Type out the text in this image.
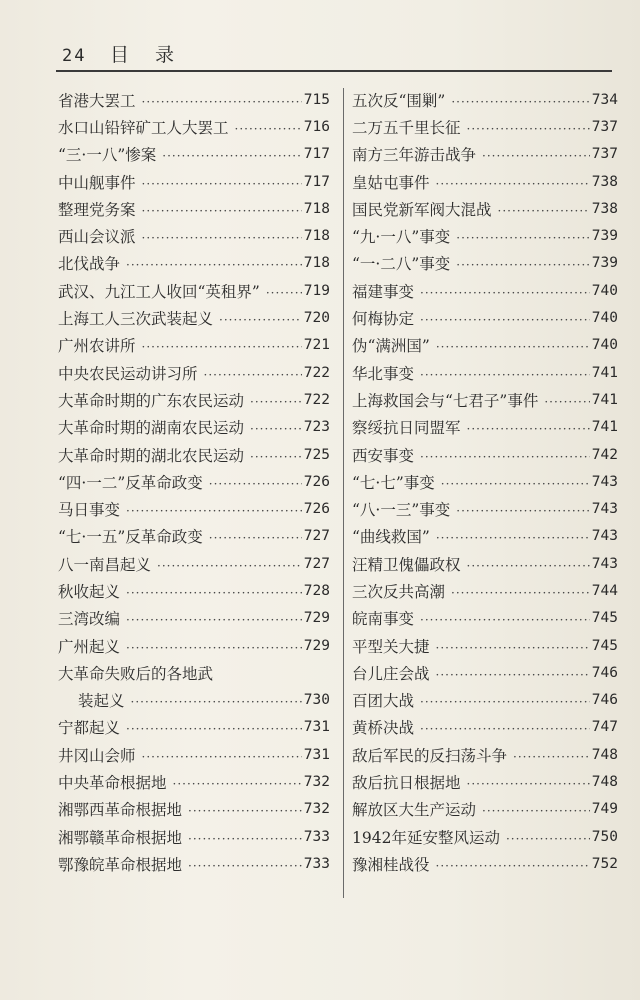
24 目 录
省港大罢工 ·····	715
水口山铅锌矿工人大罢工 ·····	716
“三·一八”惨案 ·····	717
中山舰事件 ·····	717
整理党务案 ·····	718
西山会议派 ·····	718
北伐战争 ·····	718
武汉、九江工人收回“英租界” ·····	719
上海工人三次武装起义 ·····	720
广州农讲所 ·····	721
中央农民运动讲习所 ·····	722
大革命时期的广东农民运动 ·····	722
大革命时期的湖南农民运动 ·····	723
大革命时期的湖北农民运动 ·····	725
“四·一二”反革命政变 ·····	726
马日事变 ·····	726
“七·一五”反革命政变 ·····	727
八一南昌起义 ·····	727
秋收起义 ·····	728
三湾改编 ·····	729
广州起义 ·····	729
大革命失败后的各地武
装起义 ·····	730
宁都起义 ·····	731
井冈山会师 ·····	731
中央革命根据地 ·····	732
湘鄂西革命根据地 ·····	732
湘鄂赣革命根据地 ·····	733
鄂豫皖革命根据地 ·····	733
五次反“围剿” ·····	734
二万五千里长征 ·····	737
南方三年游击战争 ·····	737
皇姑屯事件 ·····	738
国民党新军阀大混战 ·····	738
“九·一八”事变 ·····	739
“一·二八”事变 ·····	739
福建事变 ·····	740
何梅协定 ·····	740
伪“满洲国” ·····	740
华北事变 ·····	741
上海救国会与“七君子”事件 ·····	741
察绥抗日同盟军 ·····	741
西安事变 ·····	742
“七·七”事变 ·····	743
“八·一三”事变 ·····	743
“曲线救国” ·····	743
汪精卫傀儡政权 ·····	743
三次反共高潮 ·····	744
皖南事变 ·····	745
平型关大捷 ·····	745
台儿庄会战 ·····	746
百团大战 ·····	746
黄桥决战 ·····	747
敌后军民的反扫荡斗争 ·····	748
敌后抗日根据地 ·····	748
解放区大生产运动 ·····	749
1942年延安整风运动 ·····	750
豫湘桂战役 ·····	752
